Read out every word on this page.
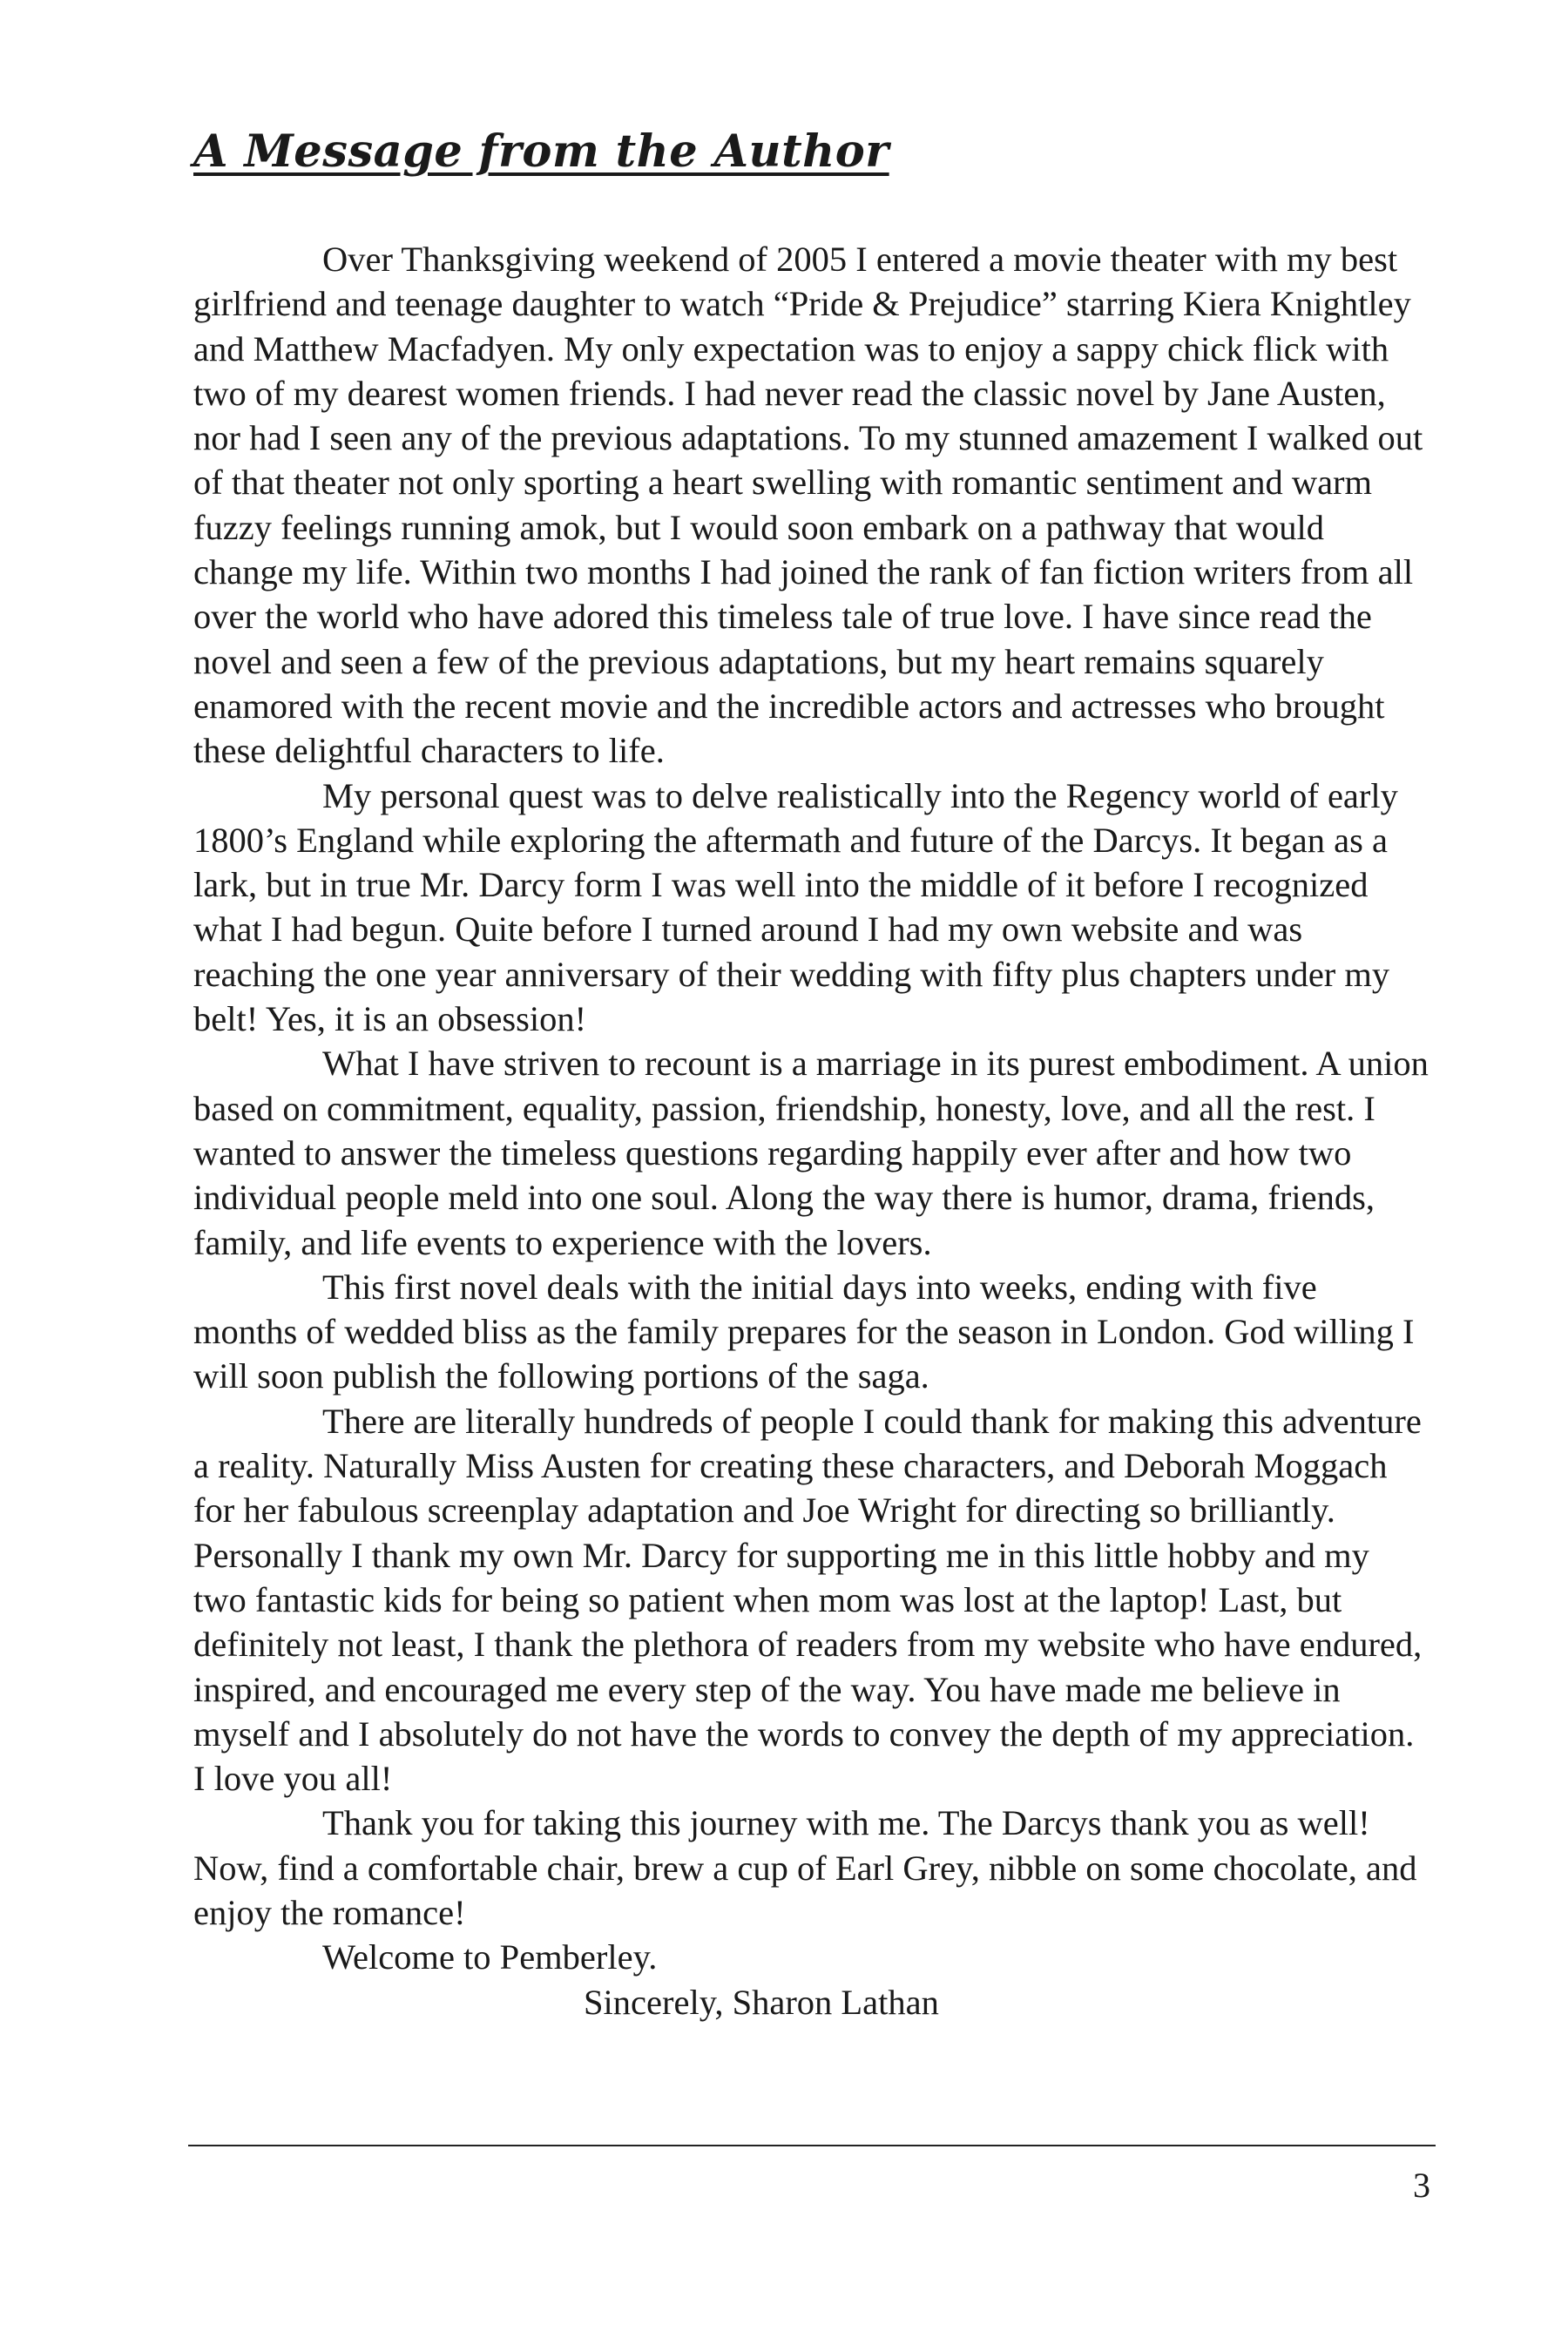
A Message from the Author

Over Thanksgiving weekend of 2005 I entered a movie theater with my best girlfriend and teenage daughter to watch “Pride & Prejudice” starring Kiera Knightley and Matthew Macfadyen. My only expectation was to enjoy a sappy chick flick with two of my dearest women friends. I had never read the classic novel by Jane Austen, nor had I seen any of the previous adaptations. To my stunned amazement I walked out of that theater not only sporting a heart swelling with romantic sentiment and warm fuzzy feelings running amok, but I would soon embark on a pathway that would change my life. Within two months I had joined the rank of fan fiction writers from all over the world who have adored this timeless tale of true love. I have since read the novel and seen a few of the previous adaptations, but my heart remains squarely enamored with the recent movie and the incredible actors and actresses who brought these delightful characters to life.

My personal quest was to delve realistically into the Regency world of early 1800’s England while exploring the aftermath and future of the Darcys. It began as a lark, but in true Mr. Darcy form I was well into the middle of it before I recognized what I had begun. Quite before I turned around I had my own website and was reaching the one year anniversary of their wedding with fifty plus chapters under my belt! Yes, it is an obsession!

What I have striven to recount is a marriage in its purest embodiment. A union based on commitment, equality, passion, friendship, honesty, love, and all the rest. I wanted to answer the timeless questions regarding happily ever after and how two individual people meld into one soul. Along the way there is humor, drama, friends, family, and life events to experience with the lovers.

This first novel deals with the initial days into weeks, ending with five months of wedded bliss as the family prepares for the season in London. God willing I will soon publish the following portions of the saga.

There are literally hundreds of people I could thank for making this adventure a reality. Naturally Miss Austen for creating these characters, and Deborah Moggach for her fabulous screenplay adaptation and Joe Wright for directing so brilliantly. Personally I thank my own Mr. Darcy for supporting me in this little hobby and my two fantastic kids for being so patient when mom was lost at the laptop! Last, but definitely not least, I thank the plethora of readers from my website who have endured, inspired, and encouraged me every step of the way. You have made me believe in myself and I absolutely do not have the words to convey the depth of my appreciation. I love you all!

Thank you for taking this journey with me. The Darcys thank you as well! Now, find a comfortable chair, brew a cup of Earl Grey, nibble on some chocolate, and enjoy the romance!

Welcome to Pemberley.

Sincerely, Sharon Lathan

3
